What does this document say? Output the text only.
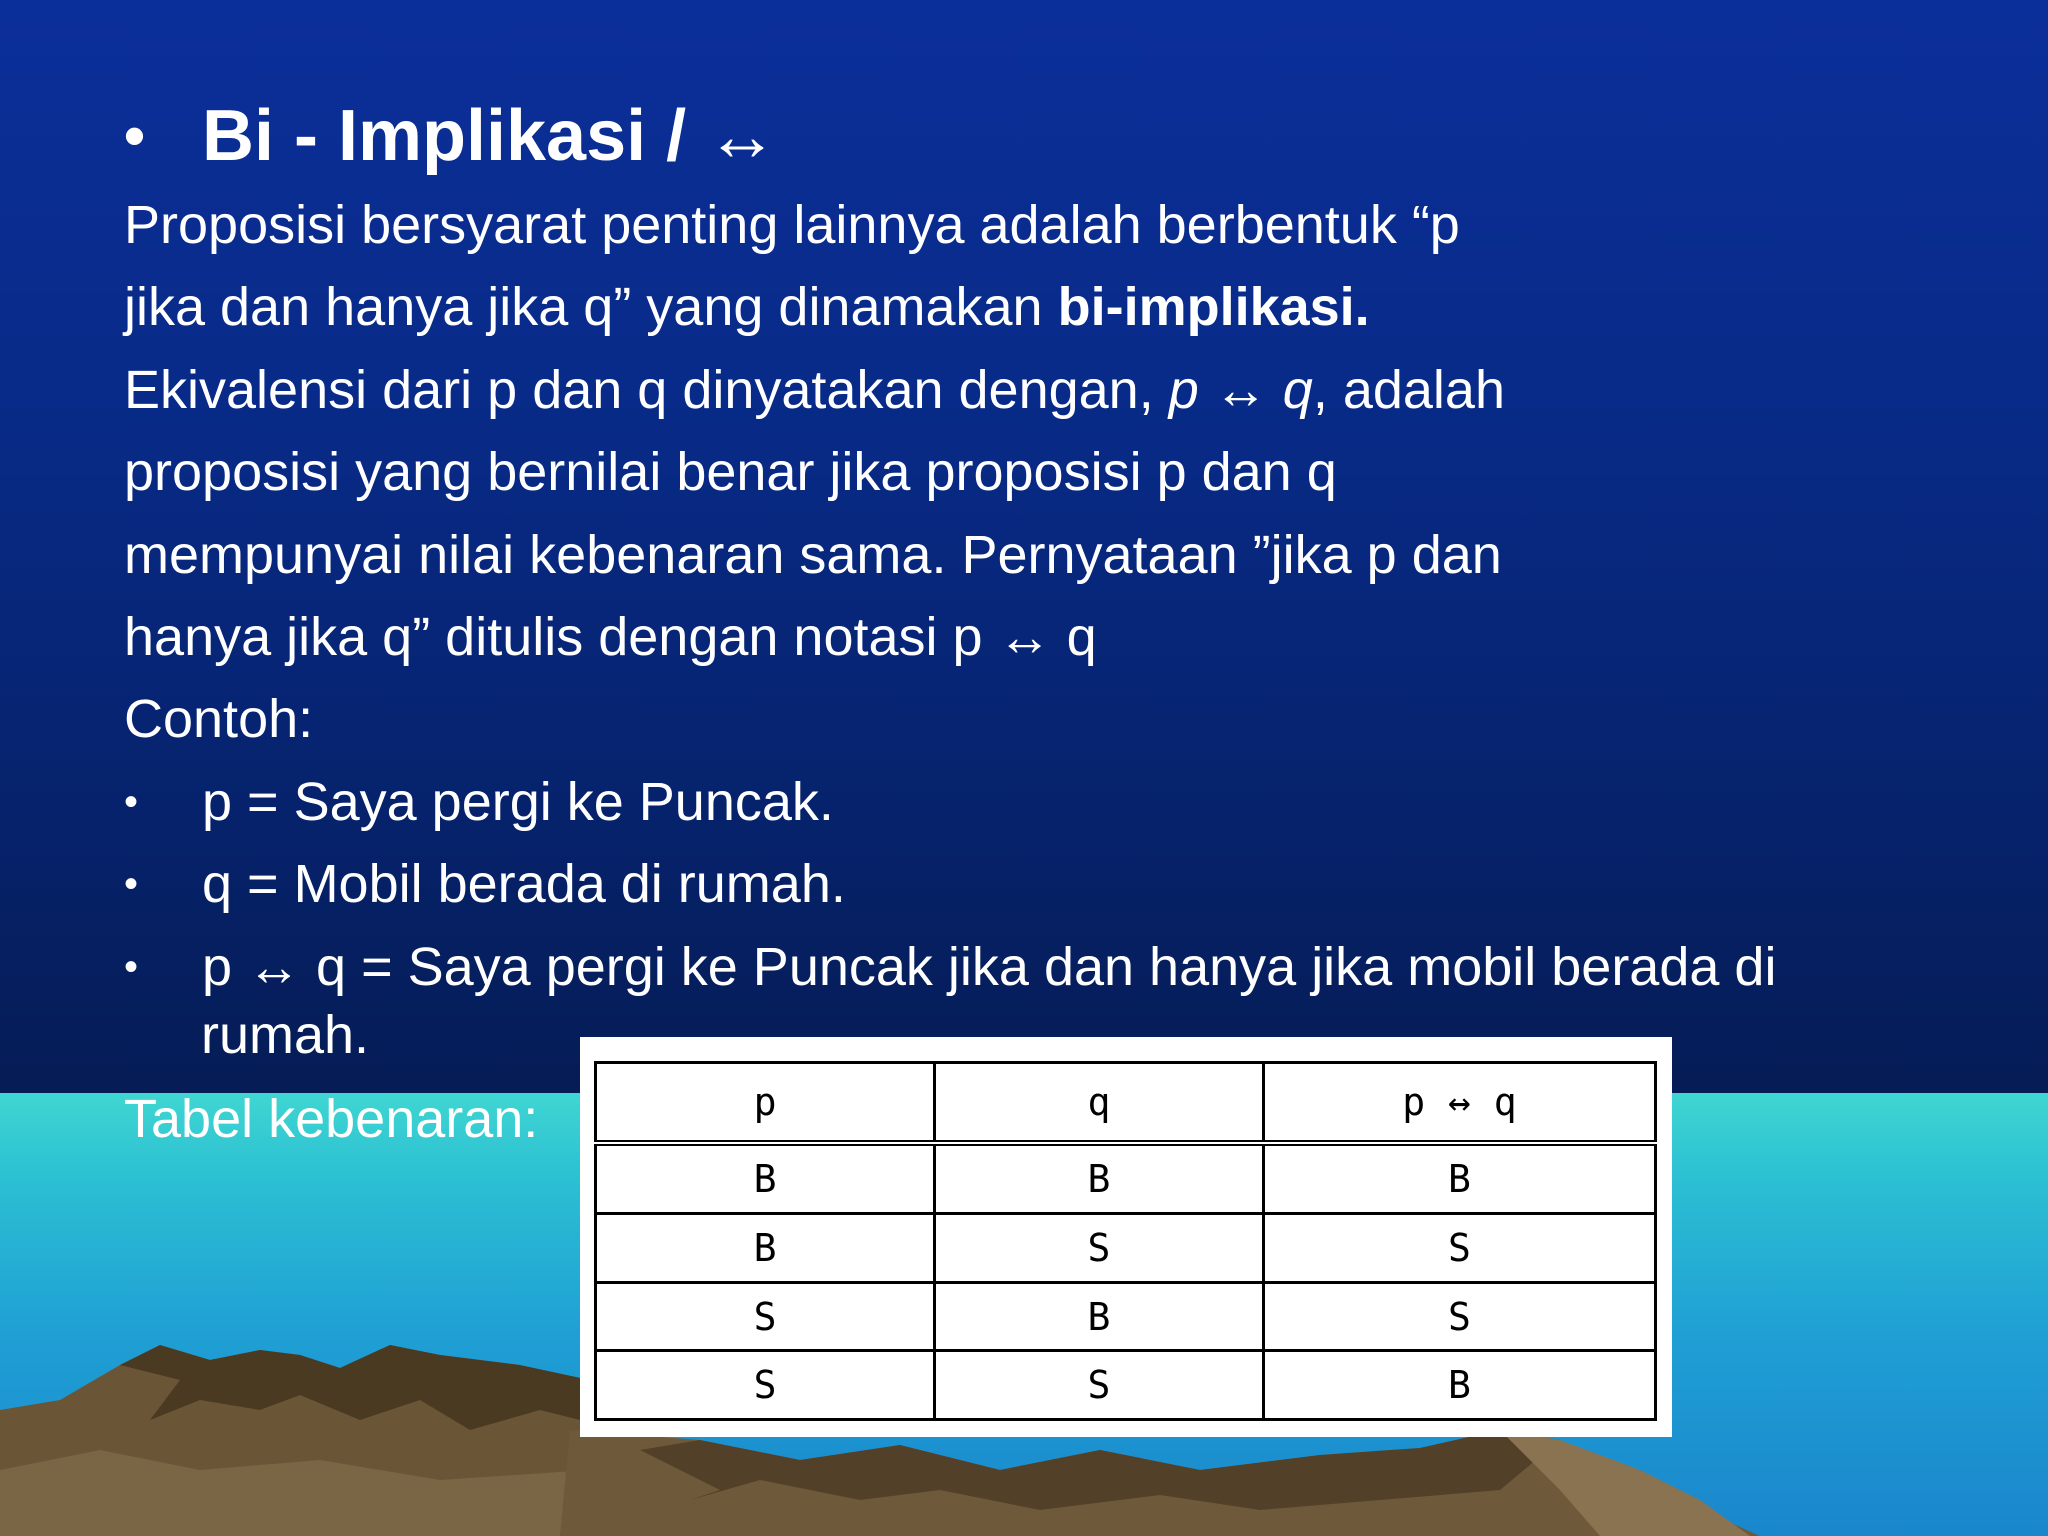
• Bi - Implikasi / ↔
Proposisi bersyarat penting lainnya adalah berbentuk “p
jika dan hanya jika q” yang dinamakan bi-implikasi.
Ekivalensi dari p dan q dinyatakan dengan, p ↔ q, adalah
proposisi yang bernilai benar jika proposisi p dan q
mempunyai nilai kebenaran sama. Pernyataan ”jika p dan
hanya jika q” ditulis dengan notasi p ↔ q
Contoh:
• p = Saya pergi ke Puncak.
• q = Mobil berada di rumah.
• p ↔ q = Saya pergi ke Puncak jika dan hanya jika mobil berada di
rumah.
Tabel kebenaran:	p	q	p ↔ q
B	B	B
B	S	S
S	B	S
S	S	B
